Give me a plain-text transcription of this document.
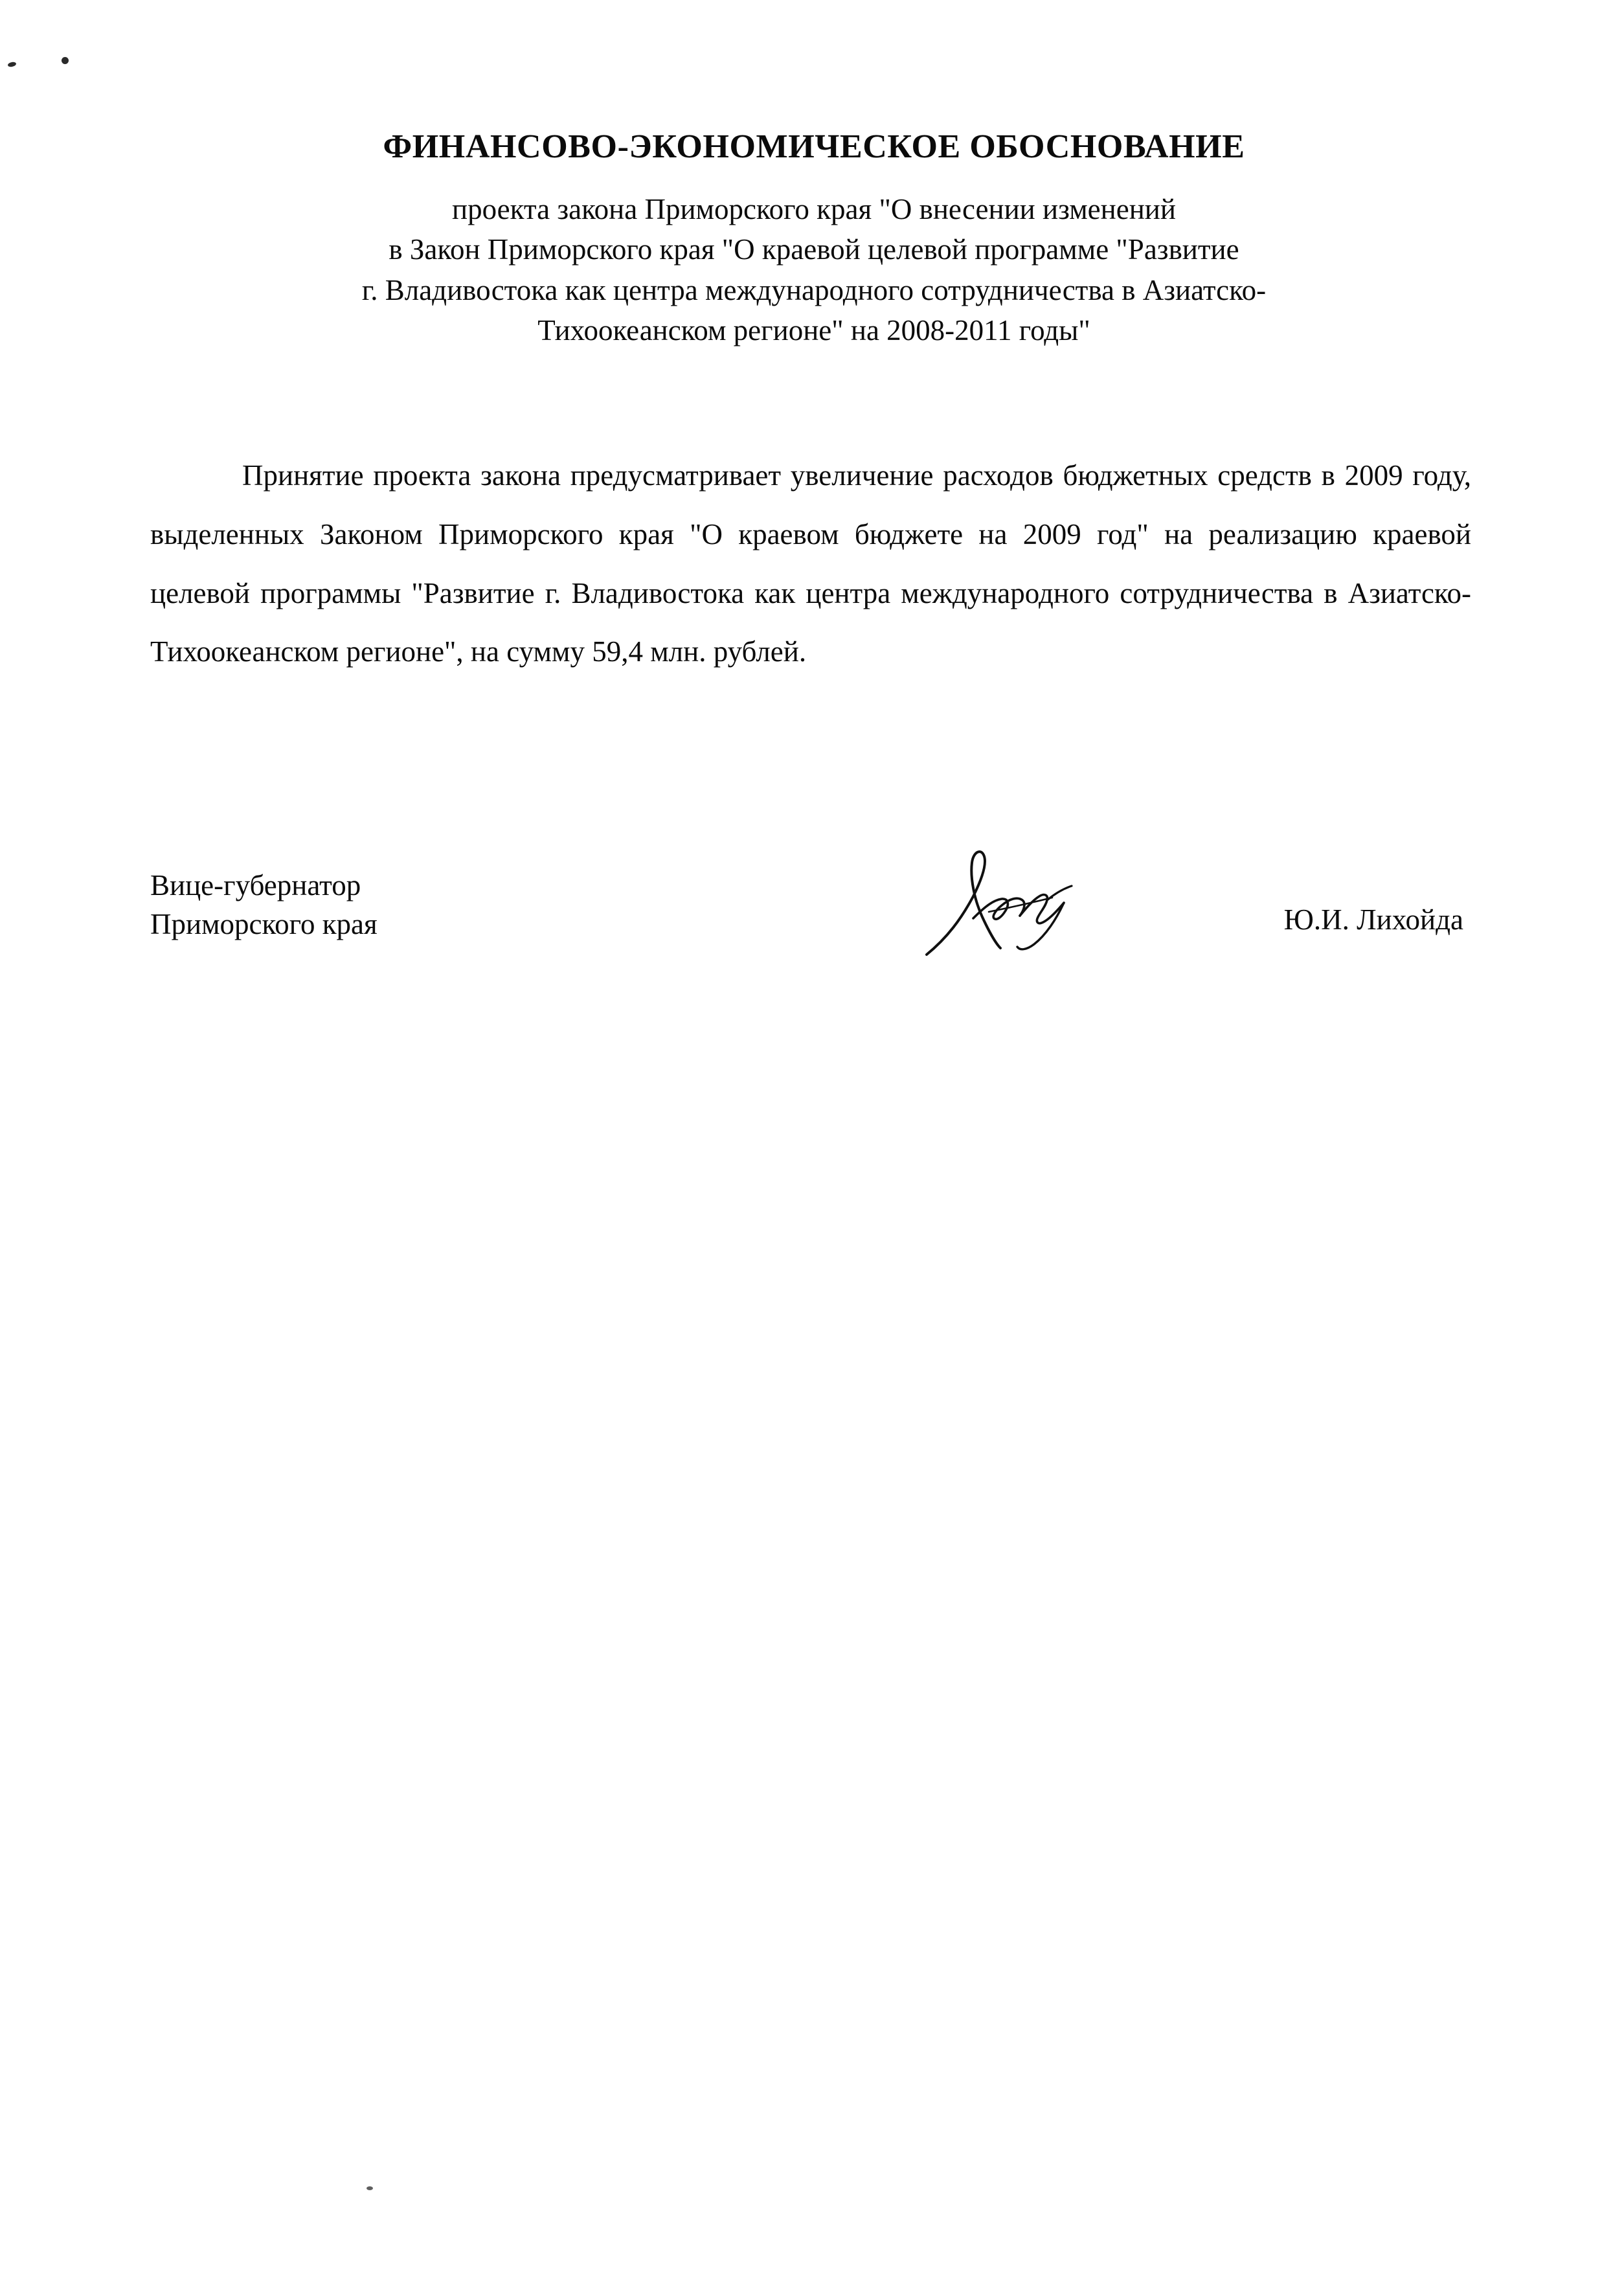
ФИНАНСОВО-ЭКОНОМИЧЕСКОЕ ОБОСНОВАНИЕ
проекта закона Приморского края "О внесении изменений
в Закон Приморского края "О краевой целевой программе "Развитие
г. Владивостока как центра международного сотрудничества в Азиатско-
Тихоокеанском регионе" на 2008-2011 годы"

Принятие проекта закона предусматривает увеличение расходов бюджетных средств в 2009 году, выделенных Законом Приморского края "О краевом бюджете на 2009 год" на реализацию краевой целевой программы "Развитие г. Владивостока как центра международного сотрудничества в Азиатско-Тихоокеанском регионе", на сумму 59,4 млн. рублей.

Вице-губернатор
Приморского края	Ю.И. Лихойда
